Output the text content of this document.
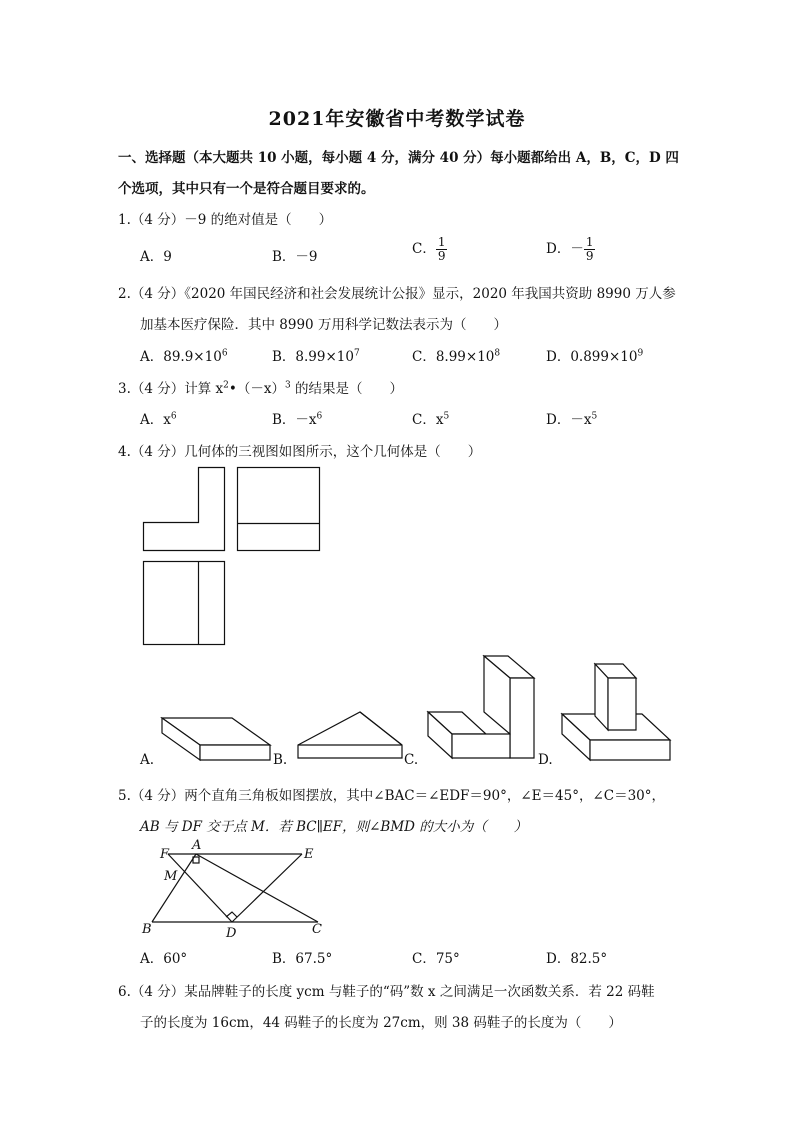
2021年安徽省中考数学试卷
一、选择题（本大题共 10 小题，每小题 4 分，满分 40 分）每小题都给出 A，B，C，D 四
个选项，其中只有一个是符合题目要求的。
1.（4 分）－9 的绝对值是（　　）
A．9	B．－9	C． $\frac{1}{9}$	D．－ $\frac{1}{9}$
2.（4 分）《2020 年国民经济和社会发展统计公报》显示，2020 年我国共资助 8990 万人参
加基本医疗保险．其中 8990 万用科学记数法表示为（　　）
A．$89.9\times 10^6$	B．$8.99\times 10^7$	C．$8.99\times 10^8$	D．$0.899\times 10^9$
3.（4 分）计算 $x^2•(-x)^3$ 的结果是（　　）
A．$x^6$	B．$-x^6$	C．$x^5$	D．$-x^5$
4.（4 分）几何体的三视图如图所示，这个几何体是（　　）
A.	B.	C.	D.
5.（4 分）两个直角三角板如图摆放，其中∠BAC＝∠EDF＝90°，∠E＝45°，∠C＝30°，
AB 与 DF 交于点 M．若 BC∥EF，则∠BMD 的大小为（　　）
F
A
E
M
B	D	C
A．60°	B．67.5°	C．75°	D．82.5°
6.（4 分）某品牌鞋子的长度 ycm 与鞋子的“码”数 x 之间满足一次函数关系．若 22 码鞋
子的长度为 16cm，44 码鞋子的长度为 27cm，则 38 码鞋子的长度为（　　）
